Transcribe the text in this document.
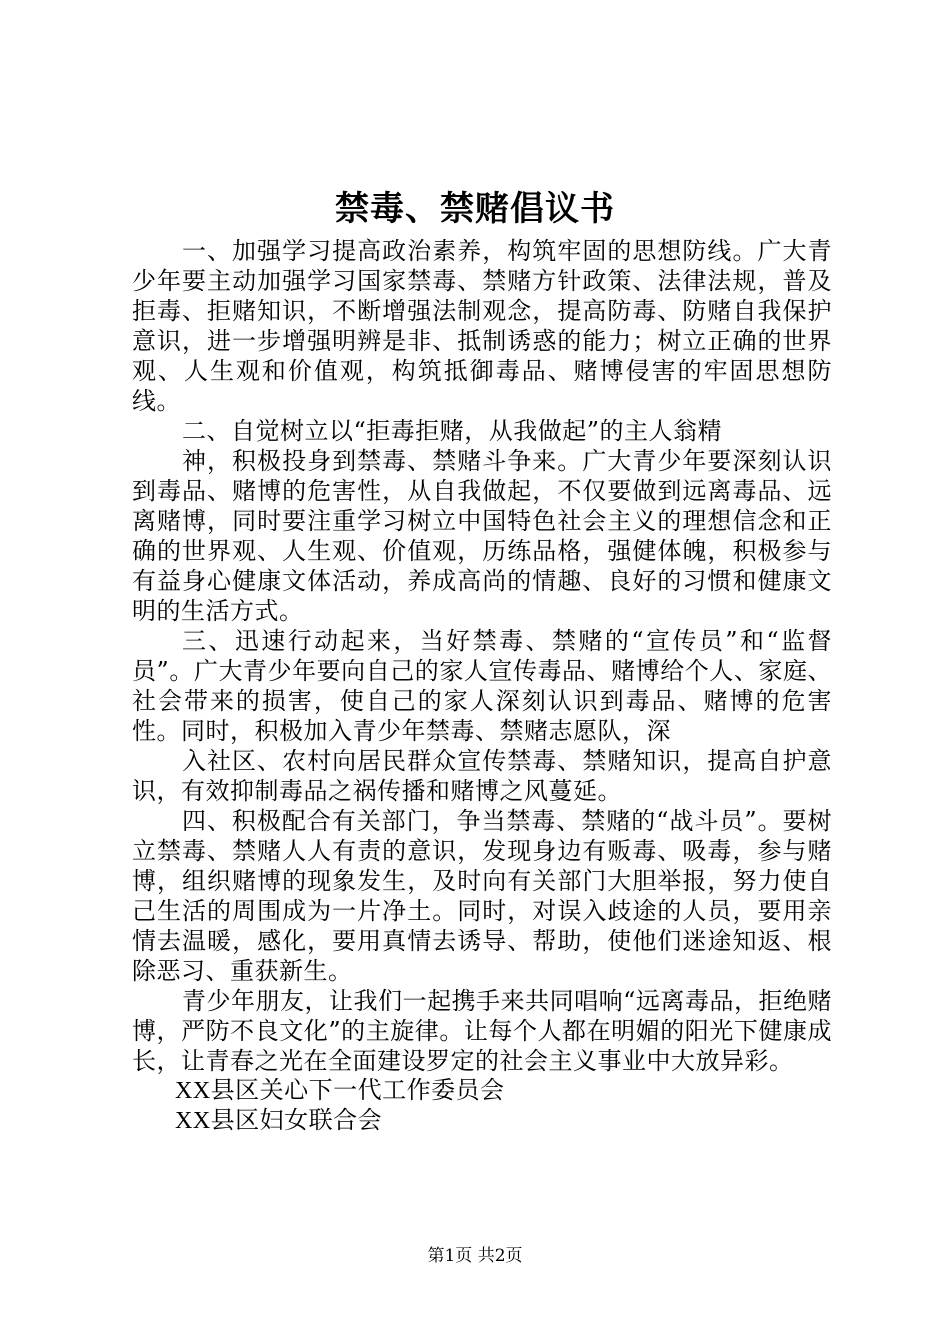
禁毒、禁赌倡议书

一、加强学习提高政治素养，构筑牢固的思想防线。广大青少年要主动加强学习国家禁毒、禁赌方针政策、法律法规，普及拒毒、拒赌知识，不断增强法制观念，提高防毒、防赌自我保护意识，进一步增强明辨是非、抵制诱惑的能力；树立正确的世界观、人生观和价值观，构筑抵御毒品、赌博侵害的牢固思想防线。

二、自觉树立以“拒毒拒赌，从我做起”的主人翁精

神，积极投身到禁毒、禁赌斗争来。广大青少年要深刻认识到毒品、赌博的危害性，从自我做起，不仅要做到远离毒品、远离赌博，同时要注重学习树立中国特色社会主义的理想信念和正确的世界观、人生观、价值观，历练品格，强健体魄，积极参与有益身心健康文体活动，养成高尚的情趣、良好的习惯和健康文明的生活方式。

三、迅速行动起来，当好禁毒、禁赌的“宣传员”和“监督员”。广大青少年要向自己的家人宣传毒品、赌博给个人、家庭、社会带来的损害，使自己的家人深刻认识到毒品、赌博的危害性。同时，积极加入青少年禁毒、禁赌志愿队，深

入社区、农村向居民群众宣传禁毒、禁赌知识，提高自护意识，有效抑制毒品之祸传播和赌博之风蔓延。

四、积极配合有关部门，争当禁毒、禁赌的“战斗员”。要树立禁毒、禁赌人人有责的意识，发现身边有贩毒、吸毒，参与赌博，组织赌博的现象发生，及时向有关部门大胆举报，努力使自己生活的周围成为一片净土。同时，对误入歧途的人员，要用亲情去温暖，感化，要用真情去诱导、帮助，使他们迷途知返、根除恶习、重获新生。

青少年朋友，让我们一起携手来共同唱响“远离毒品，拒绝赌博，严防不良文化”的主旋律。让每个人都在明媚的阳光下健康成长，让青春之光在全面建设罗定的社会主义事业中大放异彩。

XX县区关心下一代工作委员会

XX县区妇女联合会

第1页 共2页
